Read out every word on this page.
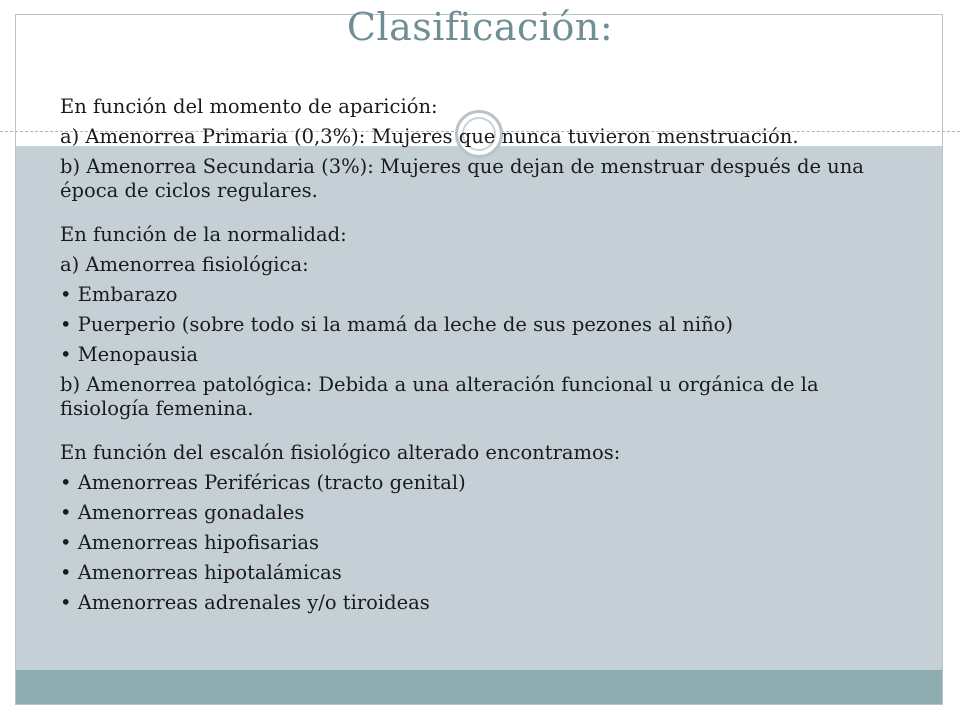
Clasificación:

En función del momento de aparición:

a) Amenorrea Primaria (0,3%): Mujeres que nunca tuvieron menstruación.

b) Amenorrea Secundaria (3%): Mujeres que dejan de menstruar después de una época de ciclos regulares.

En función de la normalidad:

a) Amenorrea fisiológica:

• Embarazo

• Puerperio (sobre todo si la mamá da leche de sus pezones al niño)

• Menopausia

b) Amenorrea patológica: Debida a una alteración funcional u orgánica de la fisiología femenina.

En función del escalón fisiológico alterado encontramos:

• Amenorreas Periféricas (tracto genital)

• Amenorreas gonadales

• Amenorreas hipofisarias

• Amenorreas hipotalámicas

• Amenorreas adrenales y/o tiroideas
